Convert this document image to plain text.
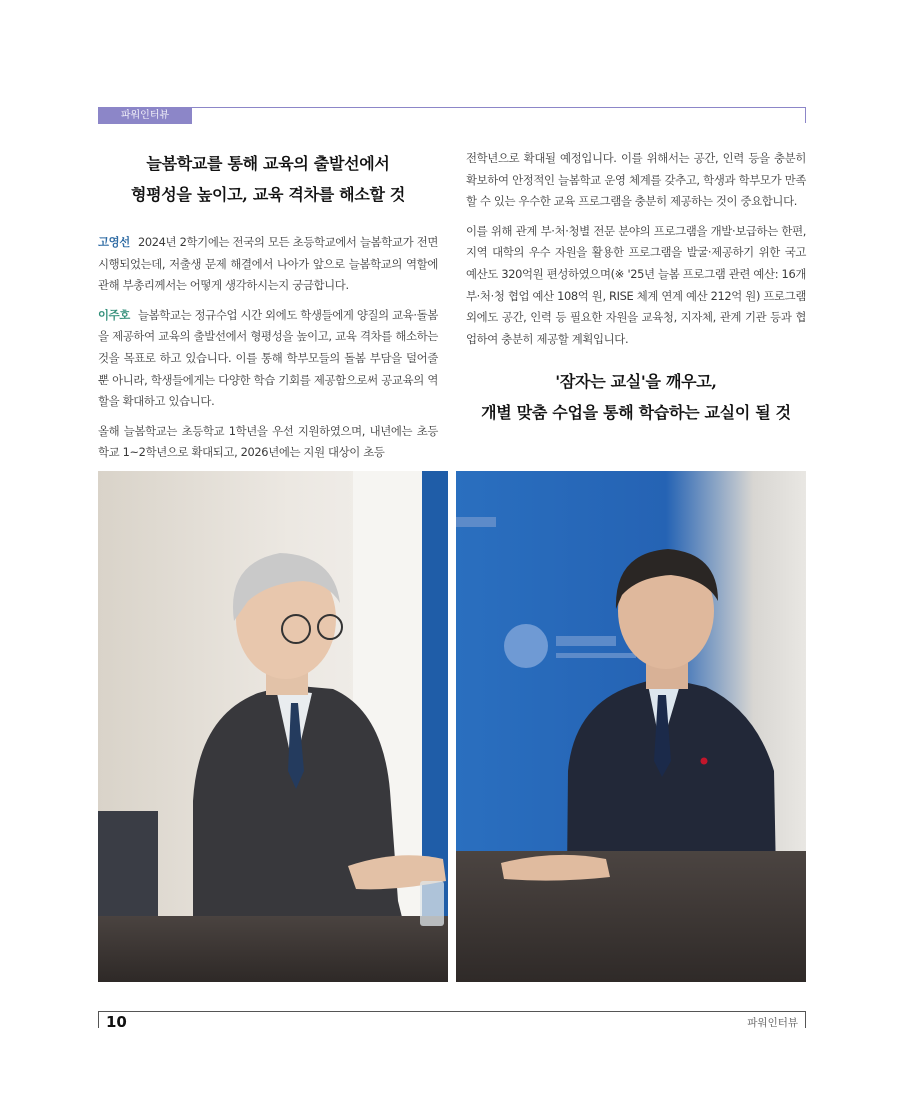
파워인터뷰
늘봄학교를 통해 교육의 출발선에서
형평성을 높이고, 교육 격차를 해소할 것

고영선 2024년 2학기에는 전국의 모든 초등학교에서 늘봄학교가 전면 시행되었는데, 저출생 문제 해결에서 나아가 앞으로 늘봄학교의 역할에 관해 부총리께서는 어떻게 생각하시는지 궁금합니다.

이주호 늘봄학교는 정규수업 시간 외에도 학생들에게 양질의 교육·돌봄을 제공하여 교육의 출발선에서 형평성을 높이고, 교육 격차를 해소하는 것을 목표로 하고 있습니다. 이를 통해 학부모들의 돌봄 부담을 덜어줄 뿐 아니라, 학생들에게는 다양한 학습 기회를 제공함으로써 공교육의 역할을 확대하고 있습니다.

올해 늘봄학교는 초등학교 1학년을 우선 지원하였으며, 내년에는 초등학교 1~2학년으로 확대되고, 2026년에는 지원 대상이 초등

전학년으로 확대될 예정입니다. 이를 위해서는 공간, 인력 등을 충분히 확보하여 안정적인 늘봄학교 운영 체계를 갖추고, 학생과 학부모가 만족할 수 있는 우수한 교육 프로그램을 충분히 제공하는 것이 중요합니다.

이를 위해 관계 부·처·청별 전문 분야의 프로그램을 개발·보급하는 한편, 지역 대학의 우수 자원을 활용한 프로그램을 발굴·제공하기 위한 국고 예산도 320억원 편성하였으며(※ '25년 늘봄 프로그램 관련 예산: 16개 부·처·청 협업 예산 108억 원, RISE 체계 연계 예산 212억 원) 프로그램 외에도 공간, 인력 등 필요한 자원을 교육청, 지자체, 관계 기관 등과 협업하여 충분히 제공할 계획입니다.

'잠자는 교실'을 깨우고,
개별 맞춤 수업을 통해 학습하는 교실이 될 것
10	파워인터뷰
